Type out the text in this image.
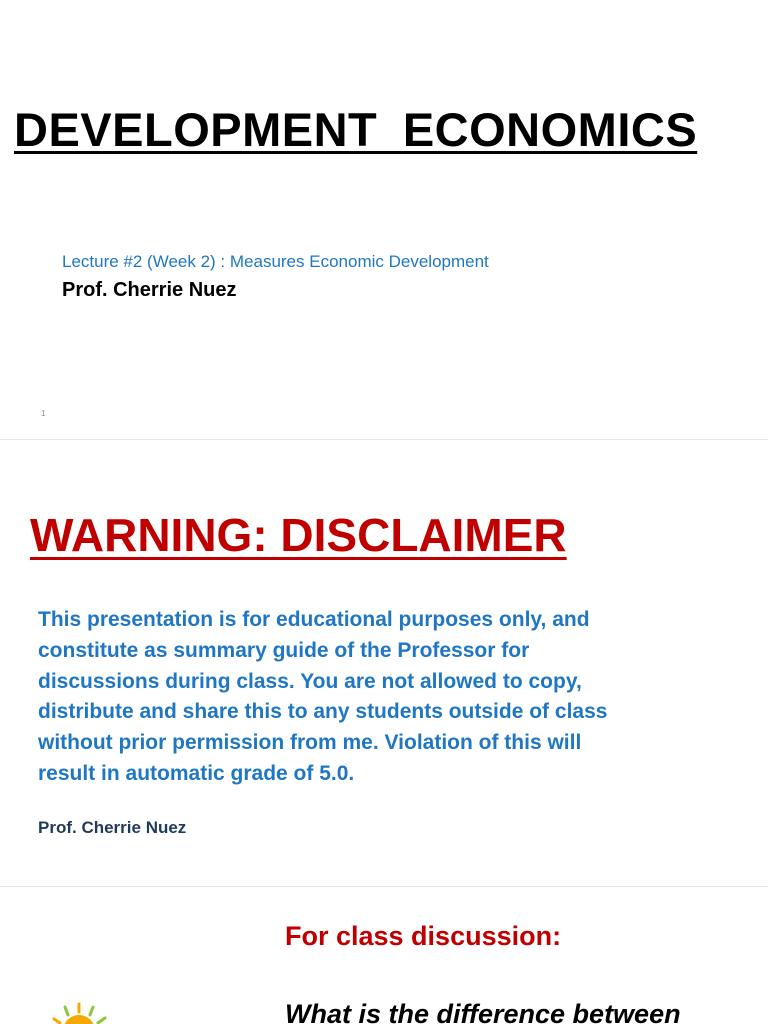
DEVELOPMENT ECONOMICS
Lecture #2 (Week 2) : Measures Economic Development
Prof. Cherrie Nuez
1
WARNING: DISCLAIMER

This presentation is for educational purposes only, and
constitute as summary guide of the Professor for
discussions during class. You are not allowed to copy,
distribute and share this to any students outside of class
without prior permission from me. Violation of this will
result in automatic grade of 5.0.

Prof. Cherrie Nuez
For class discussion:
What is the difference between
